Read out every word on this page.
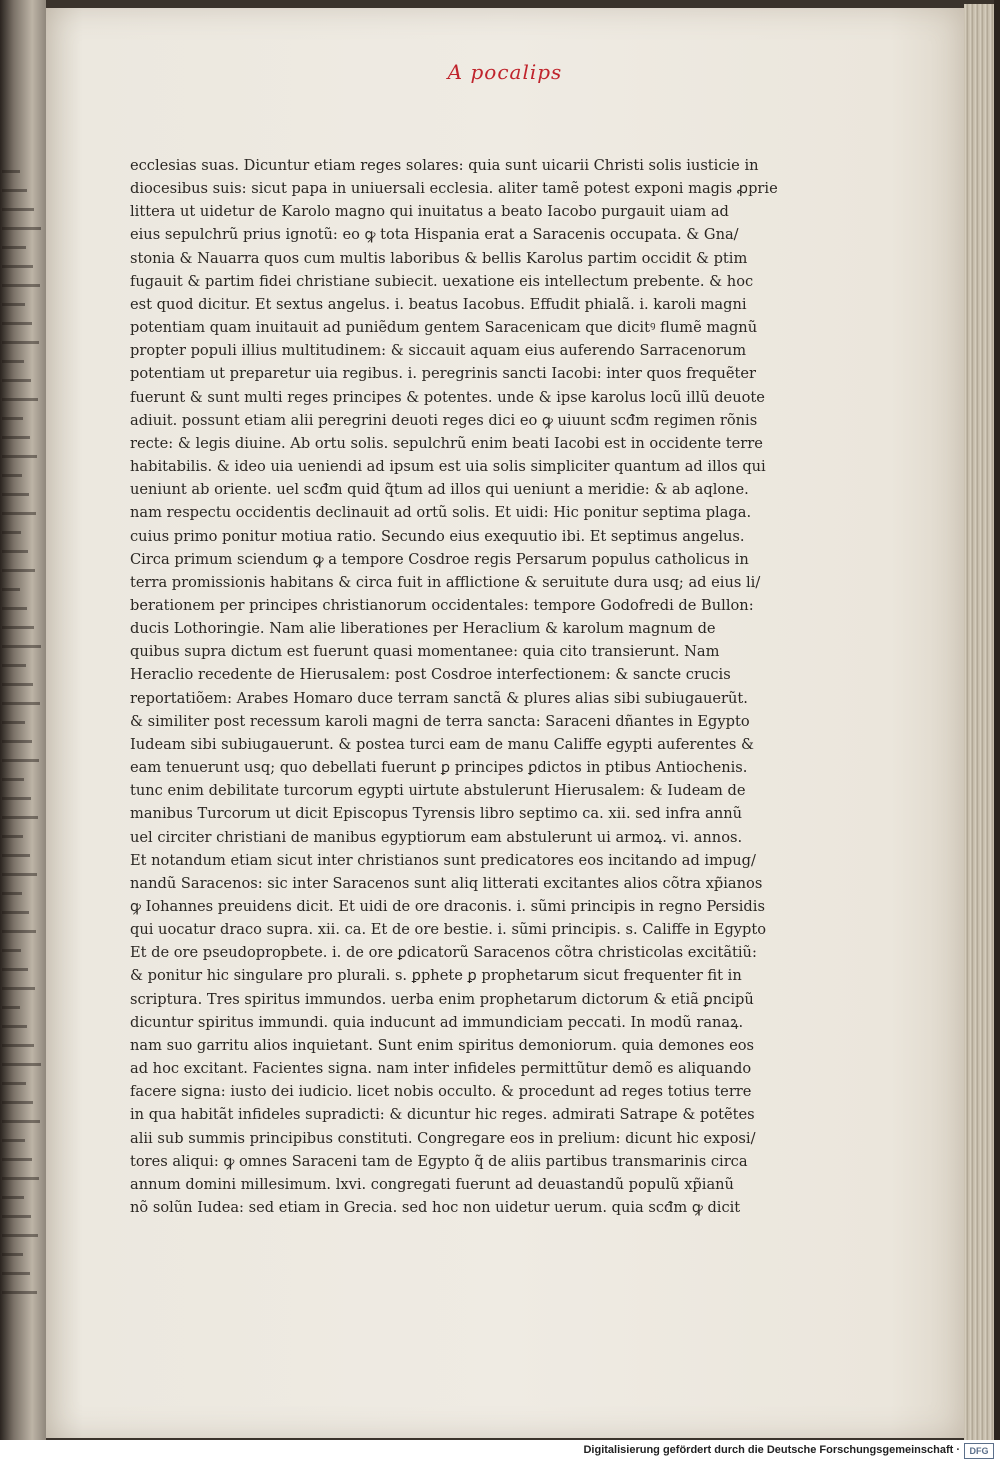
A pocalips
ecclesias suas. Dicuntur etiam reges solares: quia sunt uicarii Christi solis iusticie in
diocesibus suis: sicut papa in uniuersali ecclesia. aliter tamẽ potest exponi magis ꝓprie
littera ut uidetur de Karolo magno qui inuitatus a beato Iacobo purgauit uiam ad
eius sepulchrũ prius ignotũ: eo ꝙ tota Hispania erat a Saracenis occupata. & Gna/
stonia & Nauarra quos cum multis laboribus & bellis Karolus partim occidit & ptim
fugauit & partim fidei christiane subiecit. uexatione eis intellectum prebente. & hoc
est quod dicitur. Et sextus angelus. i. beatus Iacobus. Effudit phialã. i. karoli magni
potentiam quam inuitauit ad puniẽdum gentem Saracenicam que dicitꝰ flumẽ magnũ
propter populi illius multitudinem: & siccauit aquam eius auferendo Sarracenorum
potentiam ut preparetur uia regibus. i. peregrinis sancti Iacobi: inter quos frequẽter
fuerunt & sunt multi reges principes & potentes. unde & ipse karolus locũ illũ deuote
adiuit. possunt etiam alii peregrini deuoti reges dici eo ꝙ uiuunt scđm regimen rõnis
recte: & legis diuine. Ab ortu solis. sepulchrũ enim beati Iacobi est in occidente terre
habitabilis. & ideo uia ueniendi ad ipsum est uia solis simpliciter quantum ad illos qui
ueniunt ab oriente. uel scđm quid q̃tum ad illos qui ueniunt a meridie: & ab aqlone.
nam respectu occidentis declinauit ad ortũ solis. Et uidi: Hic ponitur septima plaga.
cuius primo ponitur motiua ratio. Secundo eius exequutio ibi. Et septimus angelus.
Circa primum sciendum ꝙ a tempore Cosdroe regis Persarum populus catholicus in
terra promissionis habitans & circa fuit in afflictione & seruitute dura usq; ad eius li/
berationem per principes christianorum occidentales: tempore Godofredi de Bullon:
ducis Lothoringie. Nam alie liberationes per Heraclium & karolum magnum de
quibus supra dictum est fuerunt quasi momentanee: quia cito transierunt. Nam
Heraclio recedente de Hierusalem: post Cosdroe interfectionem: & sancte crucis
reportatiõem: Arabes Homaro duce terram sanctã & plures alias sibi subiugauerũt.
& similiter post recessum karoli magni de terra sancta: Saraceni dñantes in Egypto
Iudeam sibi subiugauerunt. & postea turci eam de manu Califfe egypti auferentes &
eam tenuerunt usq; quo debellati fuerunt ꝑ principes ꝑdictos in ptibus Antiochenis.
tunc enim debilitate turcorum egypti uirtute abstulerunt Hierusalem: & Iudeam de
manibus Turcorum ut dicit Episcopus Tyrensis libro septimo ca. xii. sed infra annũ
uel circiter christiani de manibus egyptiorum eam abstulerunt ui armoꝝ. vi. annos.
Et notandum etiam sicut inter christianos sunt predicatores eos incitando ad impug/
nandũ Saracenos: sic inter Saracenos sunt aliq litterati excitantes alios cõtra xp̃ianos
ꝙ Iohannes preuidens dicit. Et uidi de ore draconis. i. sũmi principis in regno Persidis
qui uocatur draco supra. xii. ca. Et de ore bestie. i. sũmi principis. s. Califfe in Egypto
Et de ore pseudopropbete. i. de ore ꝑdicatorũ Saracenos cõtra christicolas excitãtiũ:
& ponitur hic singulare pro plurali. s. ꝑphete ꝑ prophetarum sicut frequenter fit in
scriptura. Tres spiritus immundos. uerba enim prophetarum dictorum & etiã ꝑncipũ
dicuntur spiritus immundi. quia inducunt ad immundiciam peccati. In modũ ranaꝝ.
nam suo garritu alios inquietant. Sunt enim spiritus demoniorum. quia demones eos
ad hoc excitant. Facientes signa. nam inter infideles permittũtur demõ es aliquando
facere signa: iusto dei iudicio. licet nobis occulto. & procedunt ad reges totius terre
in qua habitãt infideles supradicti: & dicuntur hic reges. admirati Satrape & potẽtes
alii sub summis principibus constituti. Congregare eos in prelium: dicunt hic exposi/
tores aliqui: ꝙ omnes Saraceni tam de Egypto q̃ de aliis partibus transmarinis circa
annum domini millesimum. lxvi. congregati fuerunt ad deuastandũ populũ xp̃ianũ
nõ solũn Iudea: sed etiam in Grecia. sed hoc non uidetur uerum. quia scđm ꝙ dicit
Digitalisierung gefördert durch die Deutsche Forschungsgemeinschaft ·	DFG
